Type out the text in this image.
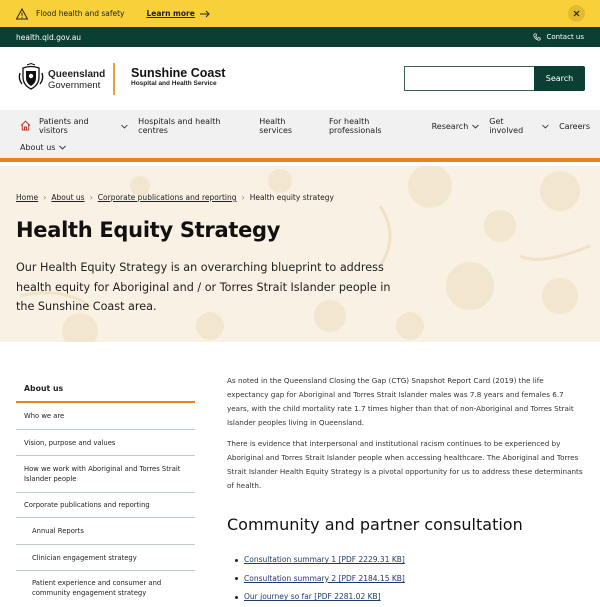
Flood health and safety	Learn more
health.qld.gov.au	Contact us
Queensland
Government
Sunshine Coast
Hospital and Health Service
Search
Patients and visitors
Hospitals and health centres
Health services
For health professionals	Research	Get involved	Careers
About us
Home › About us › Corporate publications and reporting › Health equity strategy
Health Equity Strategy

Our Health Equity Strategy is an overarching blueprint to address health equity for Aboriginal and / or Torres Strait Islander people in the Sunshine Coast area.

About us
Who we are
Vision, purpose and values
How we work with Aboriginal and Torres Strait Islander people
Corporate publications and reporting
Annual Reports
Clinician engagement strategy
Patient experience and consumer and community engagement strategy

As noted in the Queensland Closing the Gap (CTG) Snapshot Report Card (2019) the life expectancy gap for Aboriginal and Torres Strait Islander males was 7.8 years and females 6.7 years, with the child mortality rate 1.7 times higher than that of non-Aboriginal and Torres Strait Islander peoples living in Queensland.

There is evidence that interpersonal and institutional racism continues to be experienced by Aboriginal and Torres Strait Islander people when accessing healthcare. The Aboriginal and Torres Strait Islander Health Equity Strategy is a pivotal opportunity for us to address these determinants of health.

Community and partner consultation
Consultation summary 1 [PDF 2229.31 KB]
Consultation summary 2 [PDF 2184.15 KB]
Our journey so far [PDF 2281.02 KB]
